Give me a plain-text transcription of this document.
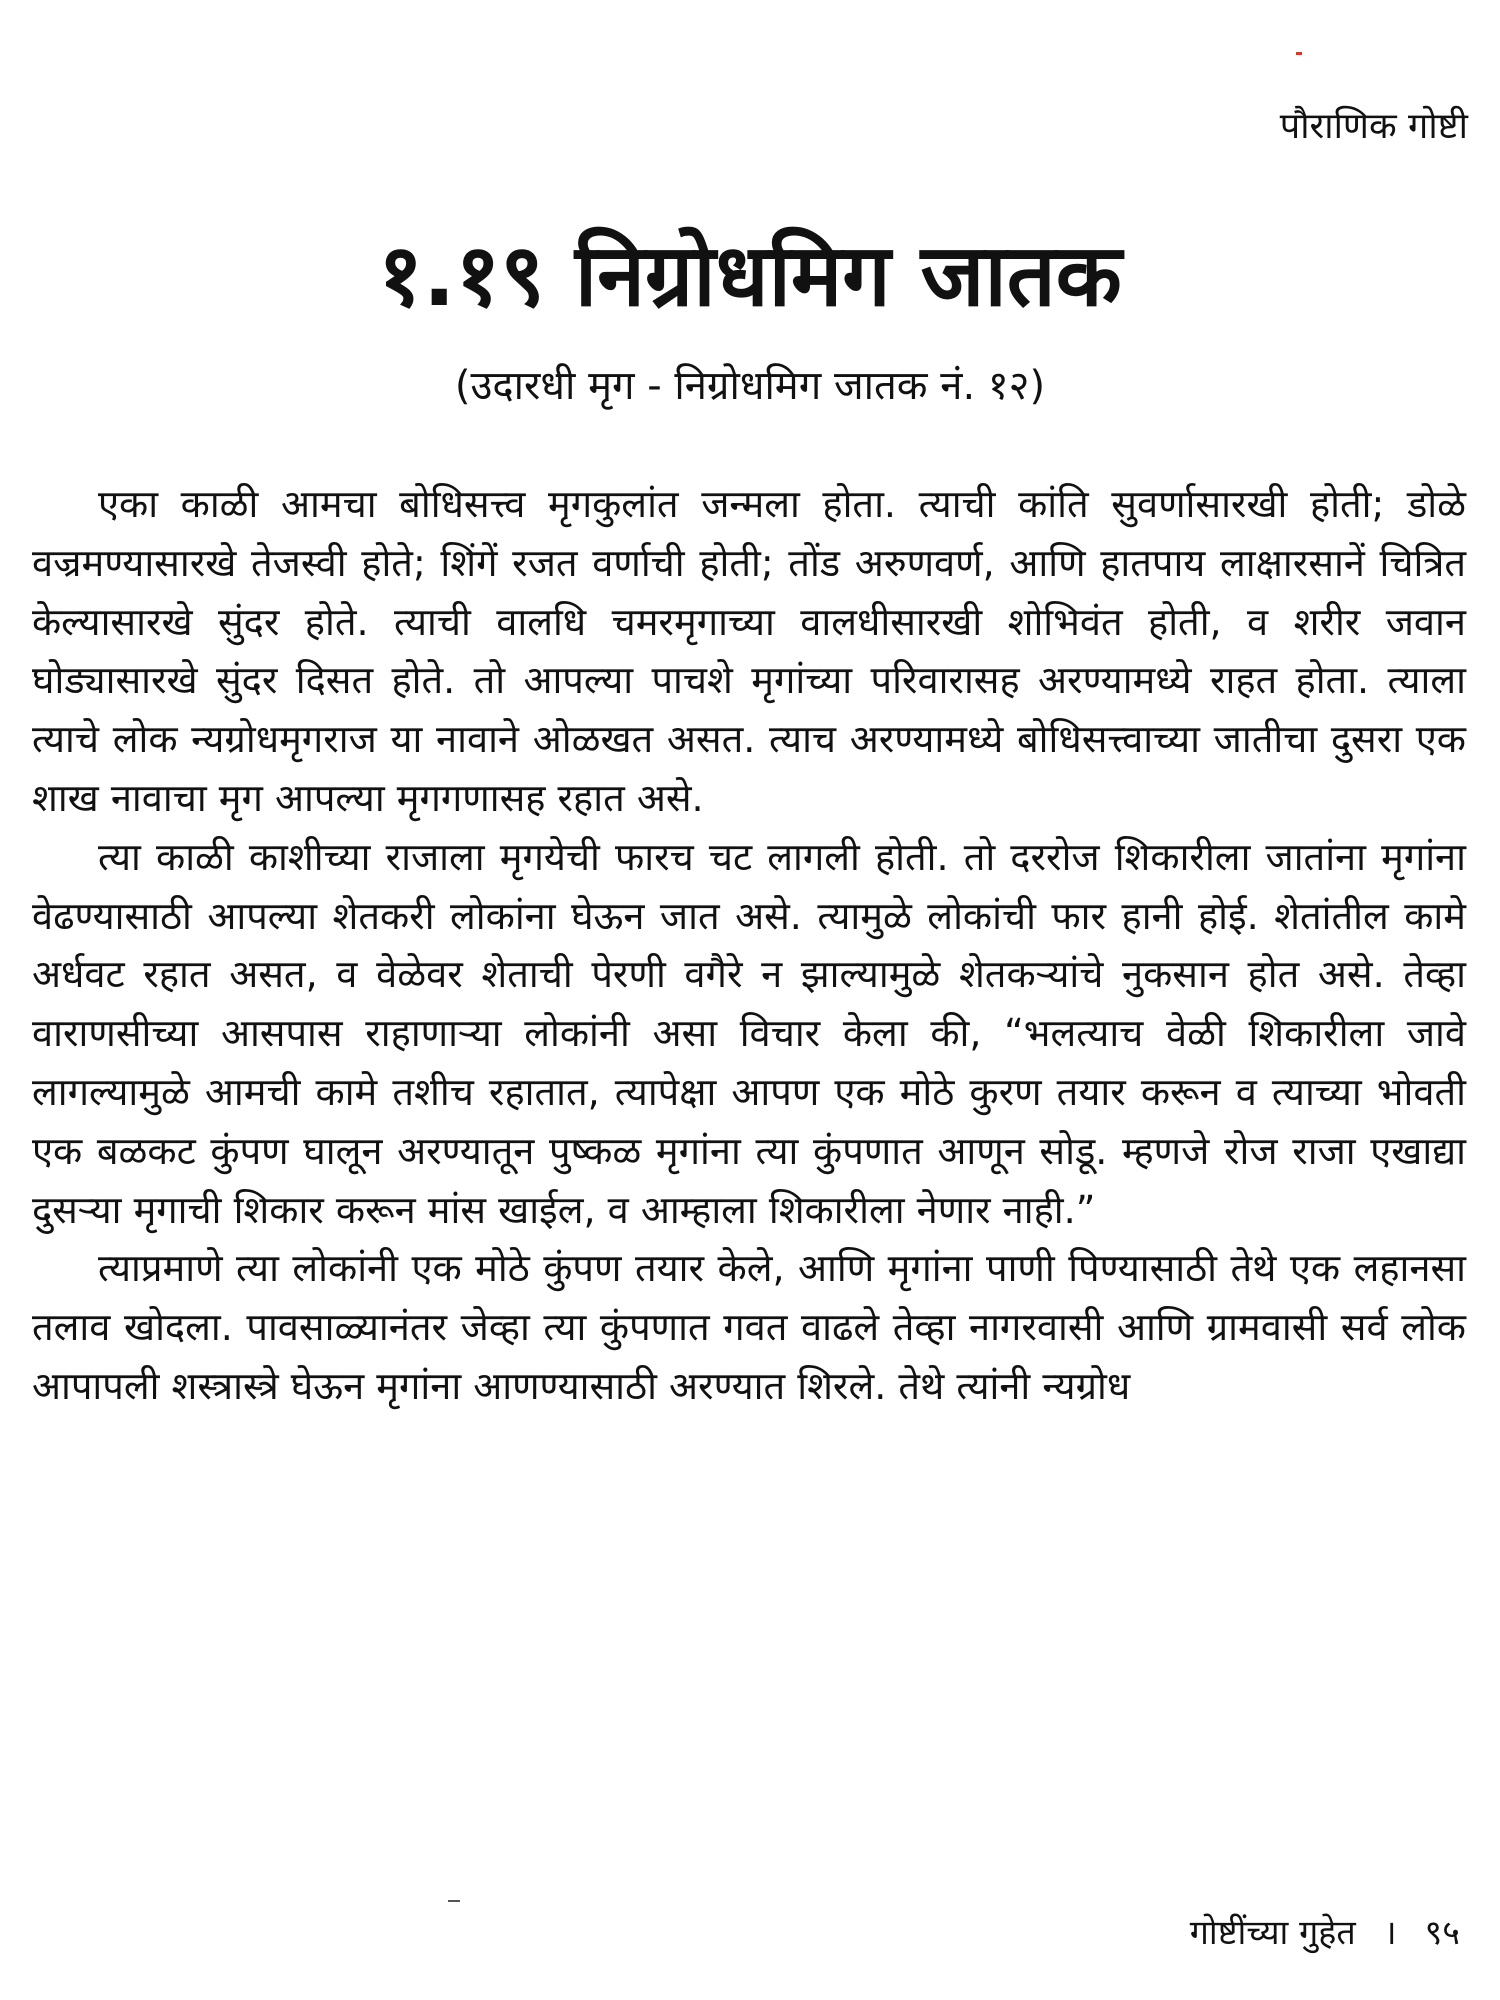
पौराणिक गोष्टी
१.१९ निग्रोधमिग जातक
(उदारधी मृग - निग्रोधमिग जातक नं. १२)

एका काळी आमचा बोधिसत्त्व मृगकुलांत जन्मला होता. त्याची कांति सुवर्णासारखी होती; डोळे वज्रमण्यासारखे तेजस्वी होते; शिंगें रजत वर्णाची होती; तोंड अरुणवर्ण, आणि हातपाय लाक्षारसानें चित्रित केल्यासारखे सुंदर होते. त्याची वालधि चमरमृगाच्या वालधीसारखी शोभिवंत होती, व शरीर जवान घोड्यासारखे सुंदर दिसत होते. तो आपल्या पाचशे मृगांच्या परिवारासह अरण्यामध्ये राहत होता. त्याला त्याचे लोक न्यग्रोधमृगराज या नावाने ओळखत असत. त्याच अरण्यामध्ये बोधिसत्त्वाच्या जातीचा दुसरा एक शाख नावाचा मृग आपल्या मृगगणासह रहात असे.

त्या काळी काशीच्या राजाला मृगयेची फारच चट लागली होती. तो दररोज शिकारीला जातांना मृगांना वेढण्यासाठी आपल्या शेतकरी लोकांना घेऊन जात असे. त्यामुळे लोकांची फार हानी होई. शेतांतील कामे अर्धवट रहात असत, व वेळेवर शेताची पेरणी वगैरे न झाल्यामुळे शेतकऱ्यांचे नुकसान होत असे. तेव्हा वाराणसीच्या आसपास राहाणाऱ्या लोकांनी असा विचार केला की, “भलत्याच वेळी शिकारीला जावे लागल्यामुळे आमची कामे तशीच रहातात, त्यापेक्षा आपण एक मोठे कुरण तयार करून व त्याच्या भोवती एक बळकट कुंपण घालून अरण्यातून पुष्कळ मृगांना त्या कुंपणात आणून सोडू. म्हणजे रोज राजा एखाद्या दुसऱ्या मृगाची शिकार करून मांस खाईल, व आम्हाला शिकारीला नेणार नाही.”

त्याप्रमाणे त्या लोकांनी एक मोठे कुंपण तयार केले, आणि मृगांना पाणी पिण्यासाठी तेथे एक लहानसा तलाव खोदला. पावसाळ्यानंतर जेव्हा त्या कुंपणात गवत वाढले तेव्हा नागरवासी आणि ग्रामवासी सर्व लोक आपापली शस्त्रास्त्रे घेऊन मृगांना आणण्यासाठी अरण्यात शिरले. तेथे त्यांनी न्यग्रोध

गोष्टींच्या गुहेत । ९५
